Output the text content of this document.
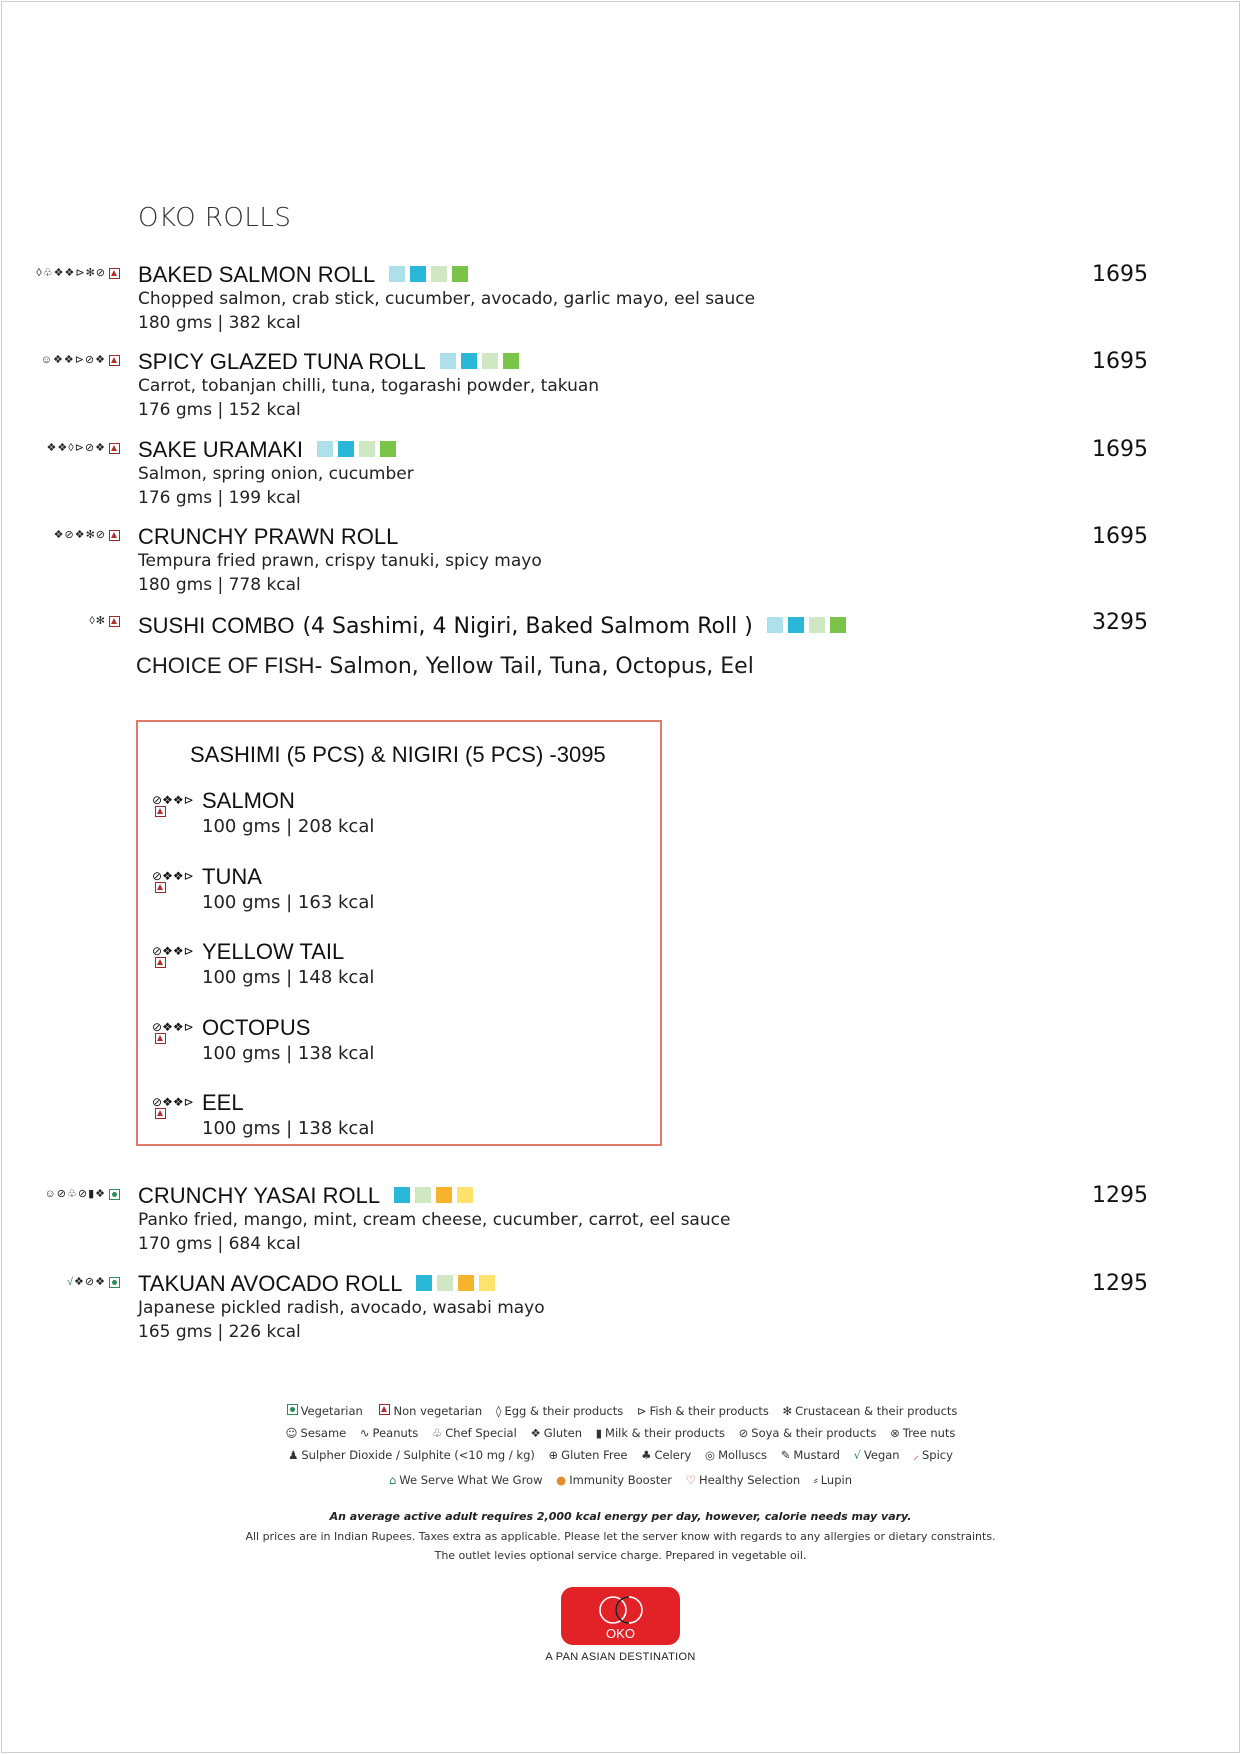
OKO ROLLS
◊ ♧ ❖ ❖ ⊳ ✻ ⊘ BAKED SALMON ROLL
Chopped salmon, crab stick, cucumber, avocado, garlic mayo, eel sauce
180 gms | 382 kcal
1695
☺ ❖ ❖ ⊳ ⊘ ❖ SPICY GLAZED TUNA ROLL
Carrot, tobanjan chilli, tuna, togarashi powder, takuan
176 gms | 152 kcal
1695
❖ ❖ ◊ ⊳ ⊘ ❖ SAKE URAMAKI
Salmon, spring onion, cucumber
176 gms | 199 kcal
1695
❖ ⊘ ❖ ✻ ⊘ CRUNCHY PRAWN ROLL
Tempura fried prawn, crispy tanuki, spicy mayo
180 gms | 778 kcal
1695
◊ ✻ SUSHI COMBO (4 Sashimi, 4 Nigiri, Baked Salmom Roll )	3295
CHOICE OF FISH- Salmon, Yellow Tail, Tuna, Octopus, Eel
SASHIMI (5 PCS) & NIGIRI (5 PCS) -3095
⊘❖❖⊳ SALMON
100 gms | 208 kcal
⊘❖❖⊳ TUNA
100 gms | 163 kcal
⊘❖❖⊳ YELLOW TAIL
100 gms | 148 kcal
⊘❖❖⊳ OCTOPUS
100 gms | 138 kcal
⊘❖❖⊳ EEL
100 gms | 138 kcal
☺ ⊘ ♧ ⊘ ▮ ❖ CRUNCHY YASAI ROLL
Panko fried, mango, mint, cream cheese, cucumber, carrot, eel sauce
170 gms | 684 kcal
1295
√ ❖ ⊘ ❖ TAKUAN AVOCADO ROLL
Japanese pickled radish, avocado, wasabi mayo
165 gms | 226 kcal
1295
Vegetarian	Non vegetarian ◊ Egg & their products ⊳ Fish & their products ✻ Crustacean & their products
☺ Sesame ∿ Peanuts ♧ Chef Special ❖ Gluten ▮ Milk & their products ⊘ Soya & their products ⊗ Tree nuts
♟ Sulpher Dioxide / Sulphite (<10 mg / kg) ⊕ Gluten Free ♣ Celery ◎ Molluscs ✎ Mustard √ Vegan ⸝ Spicy
⌂ We Serve What We Grow ● Immunity Booster ♡ Healthy Selection ⸗ Lupin
An average active adult requires 2,000 kcal energy per day, however, calorie needs may vary.
All prices are in Indian Rupees. Taxes extra as applicable. Please let the server know with regards to any allergies or dietary constraints.
The outlet levies optional service charge. Prepared in vegetable oil.
OKO
A PAN ASIAN DESTINATION
